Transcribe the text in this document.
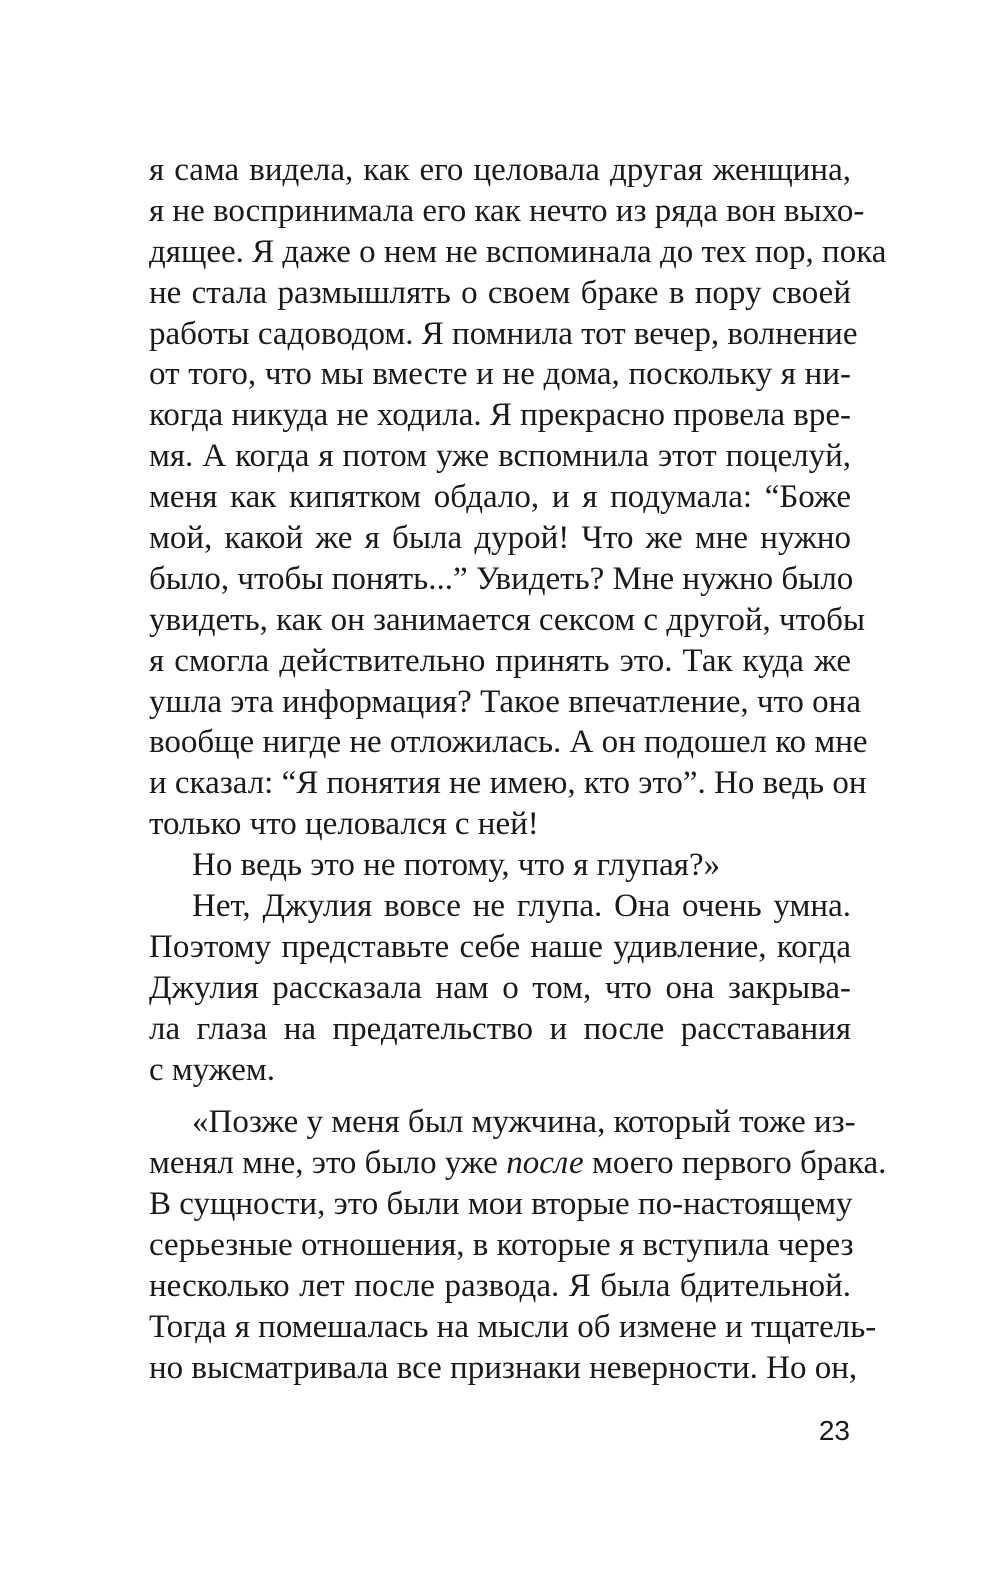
я сама видела, как его целовала другая женщина,
я не воспринимала его как нечто из ряда вон выхо-
дящее. Я даже о нем не вспоминала до тех пор, пока
не стала размышлять о своем браке в пору своей
работы садоводом. Я помнила тот вечер, волнение
от того, что мы вместе и не дома, поскольку я ни-
когда никуда не ходила. Я прекрасно провела вре-
мя. А когда я потом уже вспомнила этот поцелуй,
меня как кипятком обдало, и я подумала: “Боже
мой, какой же я была дурой! Что же мне нужно
было, чтобы понять...” Увидеть? Мне нужно было
увидеть, как он занимается сексом с другой, чтобы
я смогла действительно принять это. Так куда же
ушла эта информация? Такое впечатление, что она
вообще нигде не отложилась. А он подошел ко мне
и сказал: “Я понятия не имею, кто это”. Но ведь он
только что целовался с ней!
Но ведь это не потому, что я глупая?»
Нет, Джулия вовсе не глупа. Она очень умна.
Поэтому представьте себе наше удивление, когда
Джулия рассказала нам о том, что она закрыва-
ла глаза на предательство и после расставания
с мужем.
«Позже у меня был мужчина, который тоже из-
менял мне, это было уже после моего первого брака.
В сущности, это были мои вторые по-настоящему
серьезные отношения, в которые я вступила через
несколько лет после развода. Я была бдительной.
Тогда я помешалась на мысли об измене и тщатель-
но высматривала все признаки неверности. Но он,
23
